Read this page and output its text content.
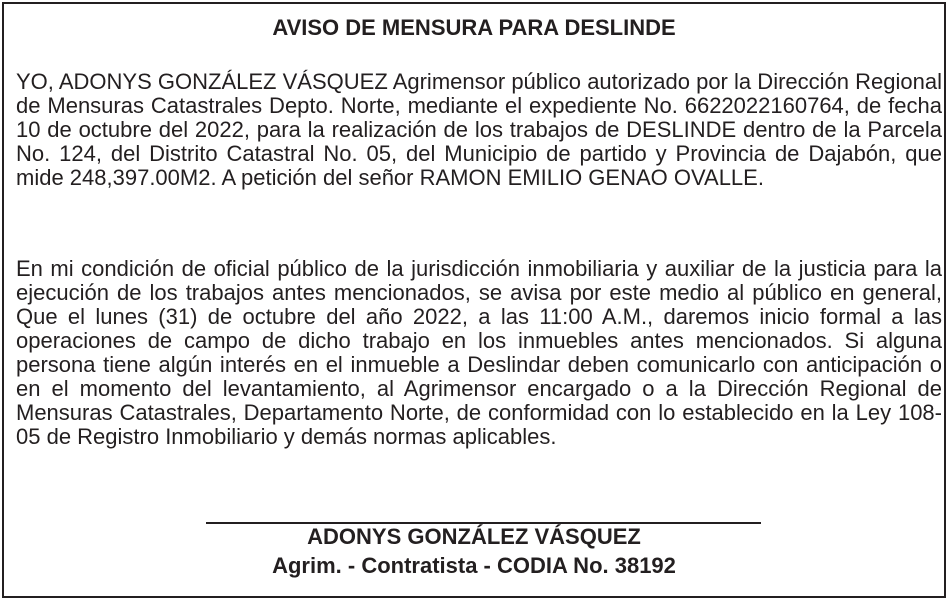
AVISO DE MENSURA PARA DESLINDE

YO, ADONYS GONZÁLEZ VÁSQUEZ Agrimensor público autorizado por la Dirección Regional de Mensuras Catastrales Depto. Norte, mediante el expediente No. 6622022160764, de fecha 10 de octubre del 2022, para la realización de los trabajos de DESLINDE dentro de la Parcela No. 124, del Distrito Catastral No. 05, del Municipio de partido y Provincia de Dajabón, que mide 248,397.00M2. A petición del señor RAMON EMILIO GENAO OVALLE.

En mi condición de oficial público de la jurisdicción inmobiliaria y auxiliar de la justicia para la ejecución de los trabajos antes mencionados, se avisa por este medio al público en general, Que el lunes (31) de octubre del año 2022, a las 11:00 A.M., daremos inicio formal a las operaciones de campo de dicho trabajo en los inmuebles antes mencionados. Si alguna persona tiene algún interés en el inmueble a Deslindar deben comunicarlo con anticipación o en el momento del levantamiento, al Agrimensor encargado o a la Dirección Regional de Mensuras Catastrales, Departamento Norte, de conformidad con lo establecido en la Ley 108-05 de Registro Inmobiliario y demás normas aplicables.

ADONYS GONZÁLEZ VÁSQUEZ

Agrim. - Contratista - CODIA No. 38192
